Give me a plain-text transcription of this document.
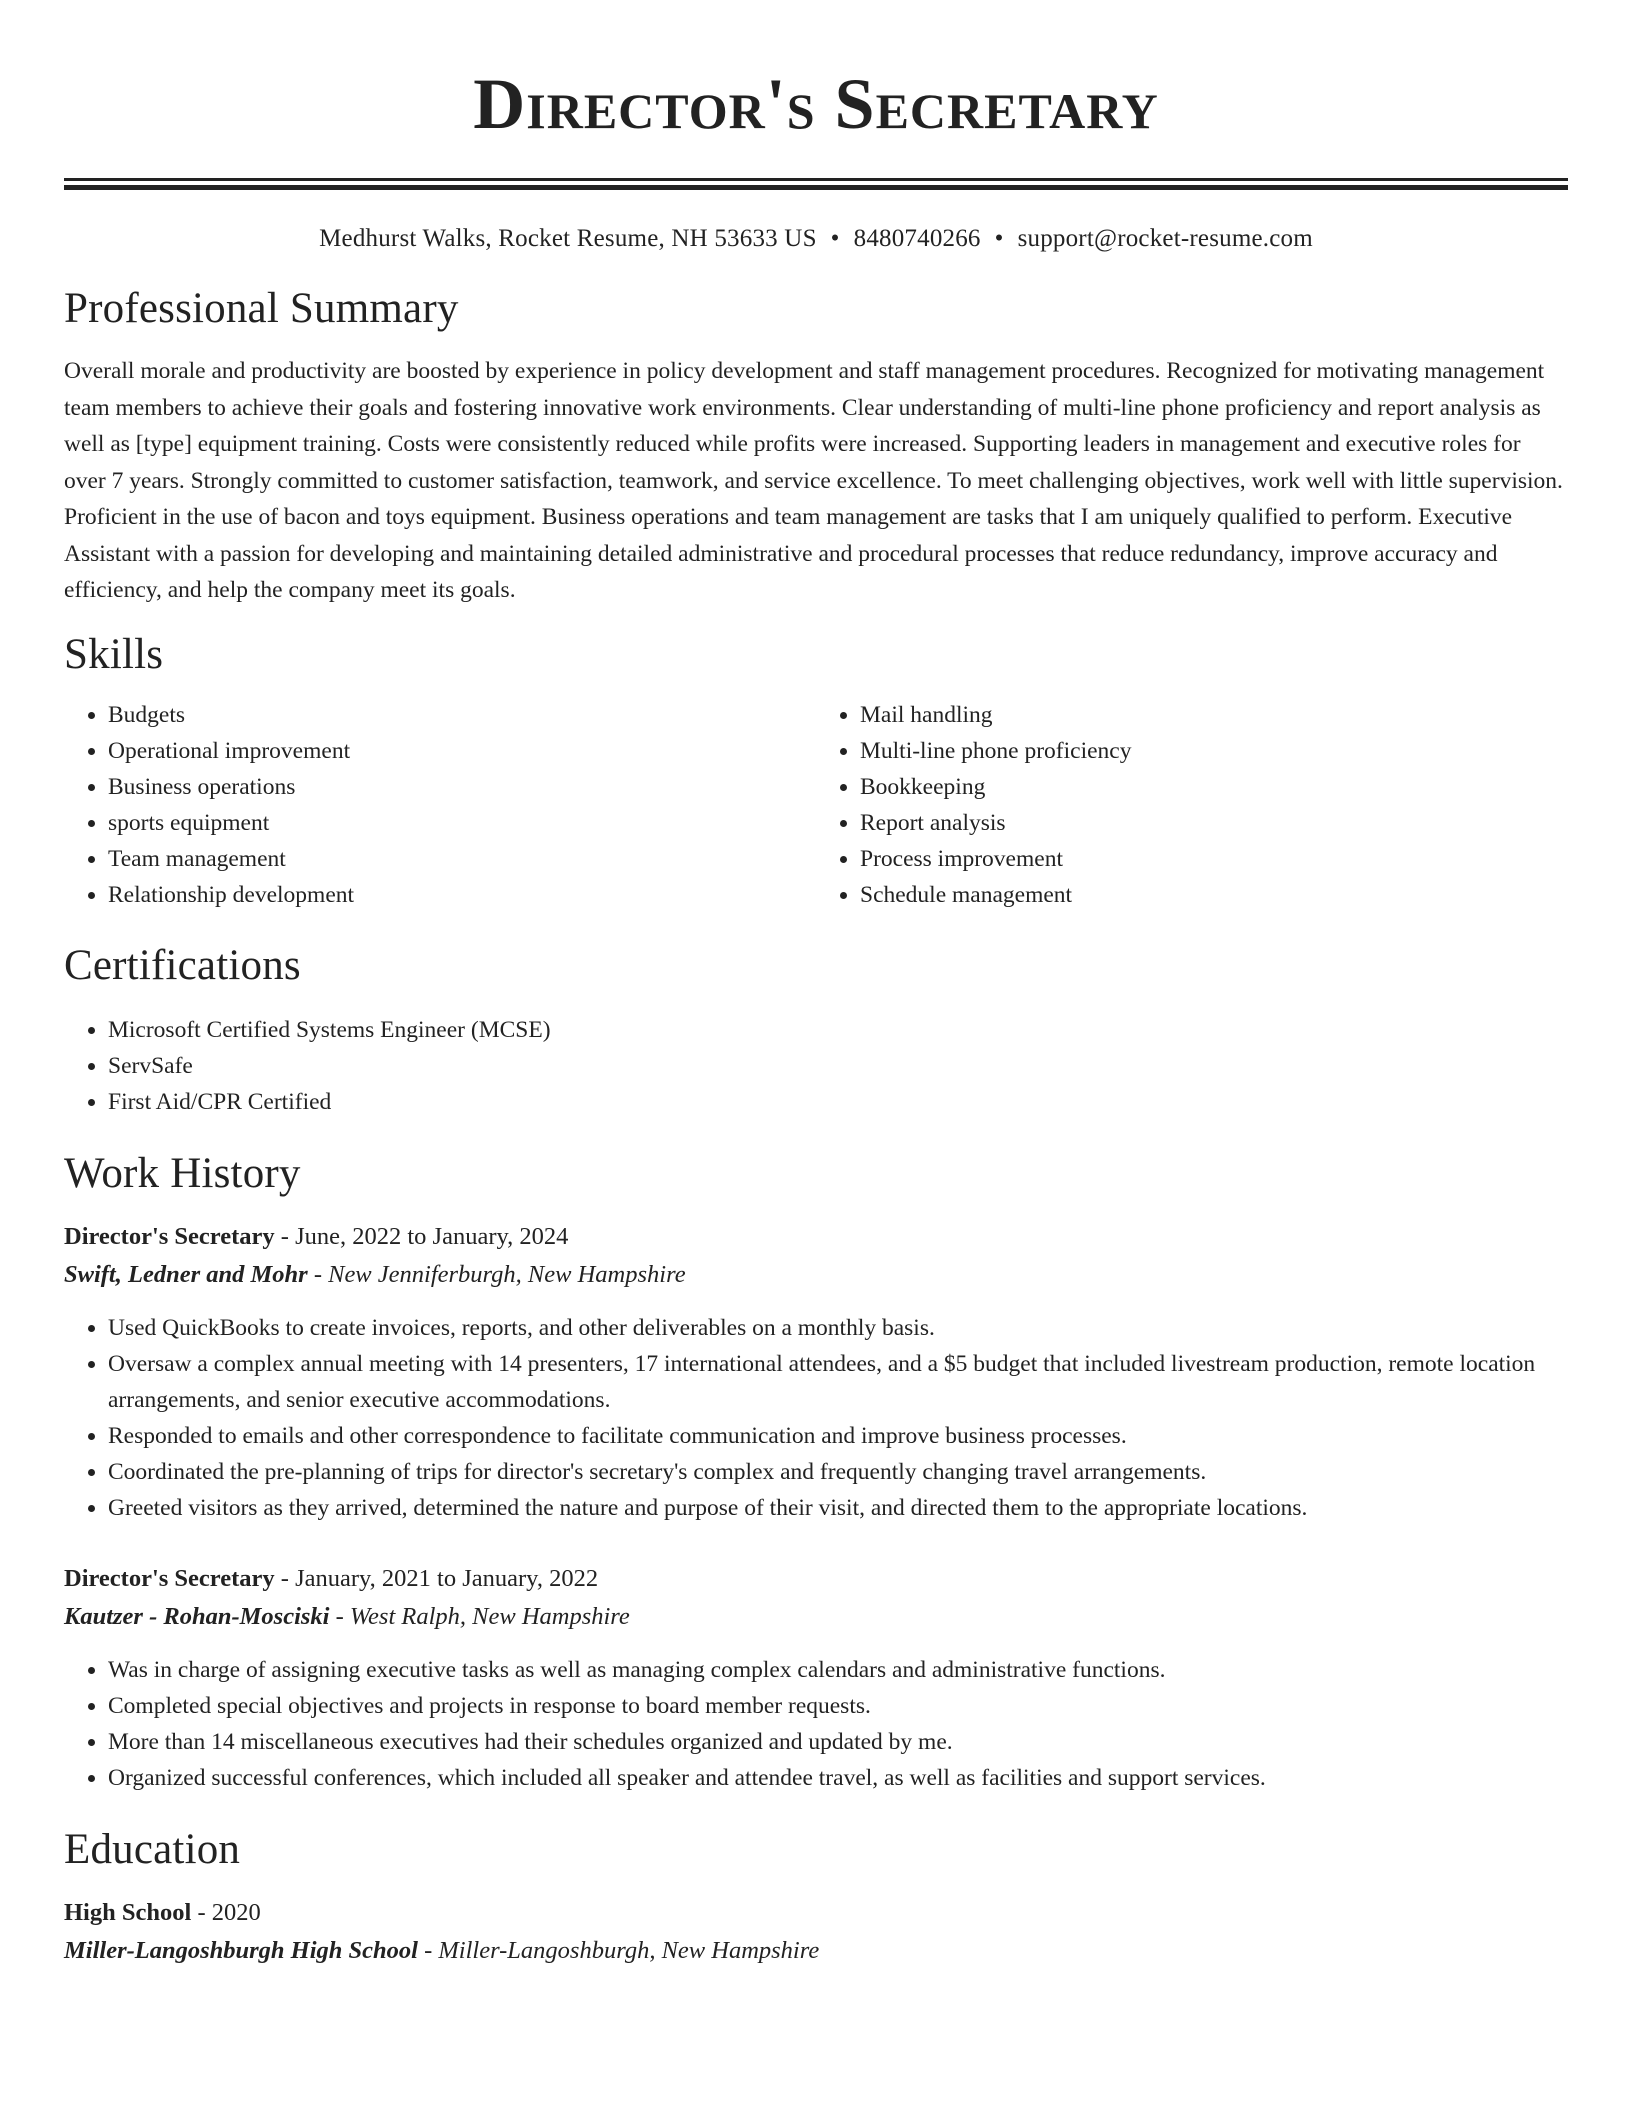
Director's Secretary
Medhurst Walks, Rocket Resume, NH 53633 US • 8480740266 • support@rocket-resume.com
Professional Summary
Overall morale and productivity are boosted by experience in policy development and staff management procedures. Recognized for motivating management team members to achieve their goals and fostering innovative work environments. Clear understanding of multi-line phone proficiency and report analysis as well as [type] equipment training. Costs were consistently reduced while profits were increased. Supporting leaders in management and executive roles for over 7 years. Strongly committed to customer satisfaction, teamwork, and service excellence. To meet challenging objectives, work well with little supervision. Proficient in the use of bacon and toys equipment. Business operations and team management are tasks that I am uniquely qualified to perform. Executive Assistant with a passion for developing and maintaining detailed administrative and procedural processes that reduce redundancy, improve accuracy and efficiency, and help the company meet its goals.
Skills
• Budgets
• Operational improvement
• Business operations
• sports equipment
• Team management
• Relationship development
• Mail handling
• Multi-line phone proficiency
• Bookkeeping
• Report analysis
• Process improvement
• Schedule management
Certifications
• Microsoft Certified Systems Engineer (MCSE)
• ServSafe
• First Aid/CPR Certified
Work History
Director's Secretary - June, 2022 to January, 2024
Swift, Ledner and Mohr - New Jenniferburgh, New Hampshire
• Used QuickBooks to create invoices, reports, and other deliverables on a monthly basis.
• Oversaw a complex annual meeting with 14 presenters, 17 international attendees, and a $5 budget that included livestream production, remote location arrangements, and senior executive accommodations.
• Responded to emails and other correspondence to facilitate communication and improve business processes.
• Coordinated the pre-planning of trips for director's secretary's complex and frequently changing travel arrangements.
• Greeted visitors as they arrived, determined the nature and purpose of their visit, and directed them to the appropriate locations.
Director's Secretary - January, 2021 to January, 2022
Kautzer - Rohan-Mosciski - West Ralph, New Hampshire
• Was in charge of assigning executive tasks as well as managing complex calendars and administrative functions.
• Completed special objectives and projects in response to board member requests.
• More than 14 miscellaneous executives had their schedules organized and updated by me.
• Organized successful conferences, which included all speaker and attendee travel, as well as facilities and support services.
Education
High School - 2020
Miller-Langoshburgh High School - Miller-Langoshburgh, New Hampshire
